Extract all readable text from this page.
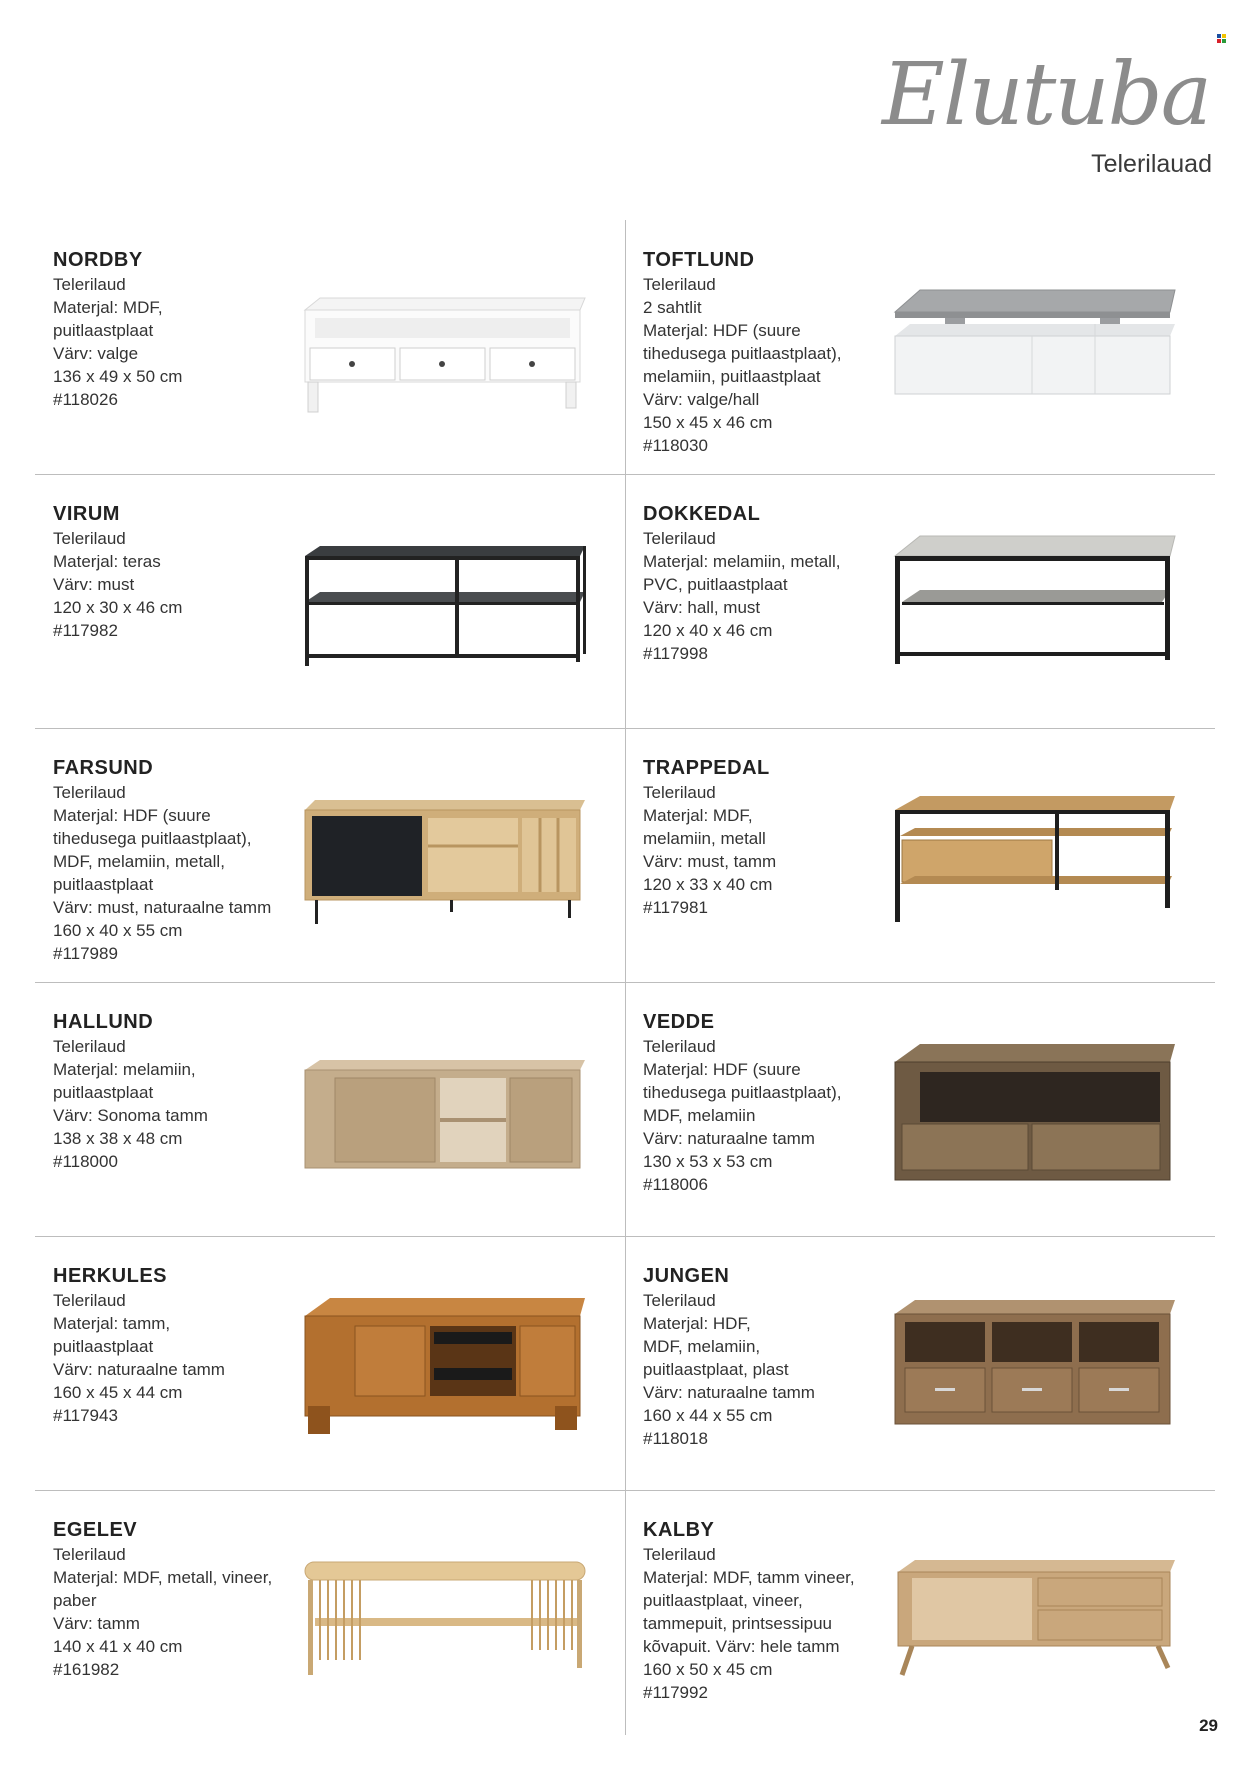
Elutuba
Telerilauad
NORDBY
Telerilaud
Materjal: MDF,
puitlaastplaat
Värv: valge
136 x 49 x 50 cm
#118026
TOFTLUND
Telerilaud
2 sahtlit
Materjal: HDF (suure
tihedusega puitlaastplaat),
melamiin, puitlaastplaat
Värv: valge/hall
150 x 45 x 46 cm
#118030
VIRUM
Telerilaud
Materjal: teras
Värv: must
120 x 30 x 46 cm
#117982
DOKKEDAL
Telerilaud
Materjal: melamiin, metall,
PVC, puitlaastplaat
Värv: hall, must
120 x 40 x 46 cm
#117998
FARSUND
Telerilaud
Materjal: HDF (suure
tihedusega puitlaastplaat),
MDF, melamiin, metall,
puitlaastplaat
Värv: must, naturaalne tamm
160 x 40 x 55 cm
#117989
TRAPPEDAL
Telerilaud
Materjal: MDF,
melamiin, metall
Värv: must, tamm
120 x 33 x 40 cm
#117981
HALLUND
Telerilaud
Materjal: melamiin,
puitlaastplaat
Värv: Sonoma tamm
138 x 38 x 48 cm
#118000
VEDDE
Telerilaud
Materjal: HDF (suure
tihedusega puitlaastplaat),
MDF, melamiin
Värv: naturaalne tamm
130 x 53 x 53 cm
#118006
HERKULES
Telerilaud
Materjal: tamm,
puitlaastplaat
Värv: naturaalne tamm
160 x 45 x 44 cm
#117943
JUNGEN
Telerilaud
Materjal: HDF,
MDF, melamiin,
puitlaastplaat, plast
Värv: naturaalne tamm
160 x 44 x 55 cm
#118018
EGELEV
Telerilaud
Materjal: MDF, metall, vineer,
paber
Värv: tamm
140 x 41 x 40 cm
#161982
KALBY
Telerilaud
Materjal: MDF, tamm vineer,
puitlaastplaat, vineer,
tammepuit, printsessipuu
kõvapuit. Värv: hele tamm
160 x 50 x 45 cm
#117992
29
